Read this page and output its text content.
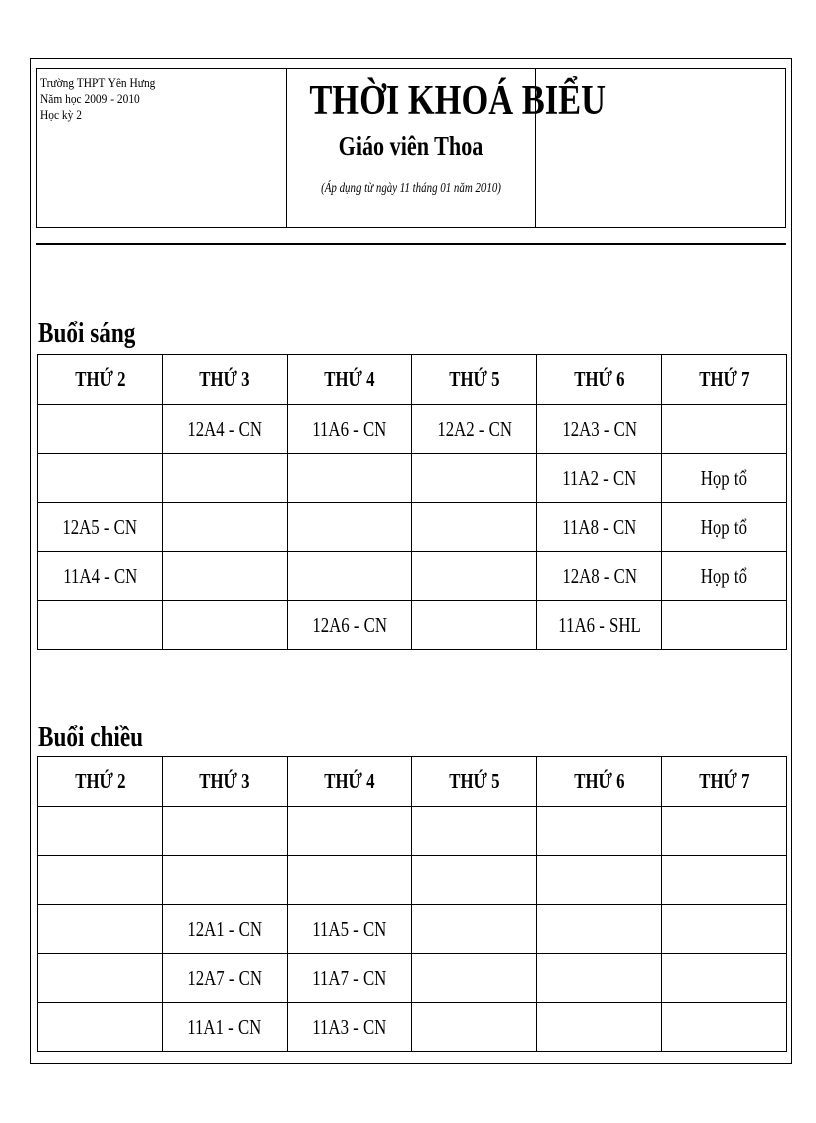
Trường THPT Yên Hưng
Năm học 2009 - 2010
Học kỳ 2	THỜI KHOÁ BIỂU
Giáo viên Thoa
(Áp dụng từ ngày 11 tháng 01 năm 2010)
Buổi sáng
THỨ 2	THỨ 3	THỨ 4	THỨ 5	THỨ 6	THỨ 7
	12A4 - CN	11A6 - CN	12A2 - CN	12A3 - CN	
				11A2 - CN	Họp tổ
12A5 - CN				11A8 - CN	Họp tổ
11A4 - CN				12A8 - CN	Họp tổ
		12A6 - CN		11A6 - SHL	
Buổi chiều
THỨ 2	THỨ 3	THỨ 4	THỨ 5	THỨ 6	THỨ 7

	12A1 - CN	11A5 - CN			
	12A7 - CN	11A7 - CN			
	11A1 - CN	11A3 - CN			
